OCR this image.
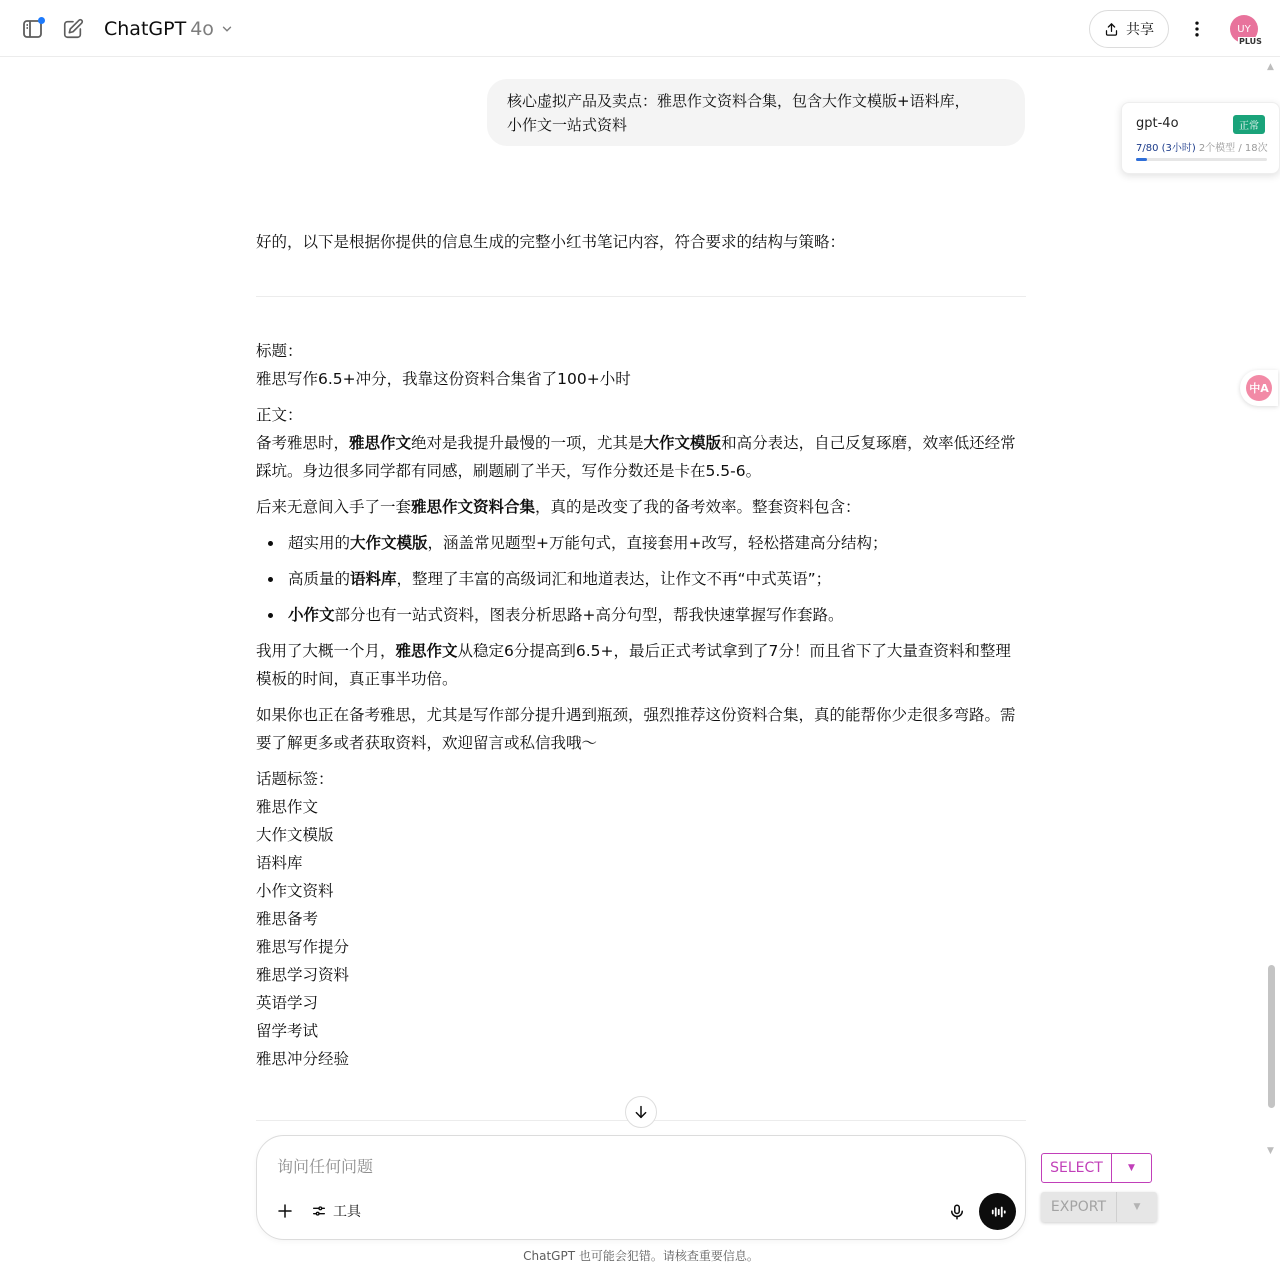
ChatGPT 4o	共享	UY
PLUS
▲
▼
核心虚拟产品及卖点：雅思作文资料合集，包含大作文模版+语料库，
小作文一站式资料
好的，以下是根据你提供的信息生成的完整小红书笔记内容，符合要求的结构与策略：
标题：
雅思写作6.5+冲分，我靠这份资料合集省了100+小时
正文：
备考雅思时，雅思作文绝对是我提升最慢的一项，尤其是大作文模版和高分表达，自己反复琢磨，效率低还经常踩坑。身边很多同学都有同感，刷题刷了半天，写作分数还是卡在5.5-6。
后来无意间入手了一套雅思作文资料合集，真的是改变了我的备考效率。整套资料包含：
超实用的大作文模版，涵盖常见题型+万能句式，直接套用+改写，轻松搭建高分结构；
高质量的语料库，整理了丰富的高级词汇和地道表达，让作文不再“中式英语”；
小作文部分也有一站式资料，图表分析思路+高分句型，帮我快速掌握写作套路。
我用了大概一个月，雅思作文从稳定6分提高到6.5+，最后正式考试拿到了7分！而且省下了大量查资料和整理模板的时间，真正事半功倍。
如果你也正在备考雅思，尤其是写作部分提升遇到瓶颈，强烈推荐这份资料合集，真的能帮你少走很多弯路。需要了解更多或者获取资料，欢迎留言或私信我哦～
话题标签：
雅思作文
大作文模版
语料库
小作文资料
雅思备考
雅思写作提分
雅思学习资料
英语学习
留学考试
雅思冲分经验
gpt-4o	正常
7/80 (3小时) 2个模型 / 18次
中A
询问任何问题
工具
SELECT	▼
EXPORT	▼
ChatGPT 也可能会犯错。请核查重要信息。
